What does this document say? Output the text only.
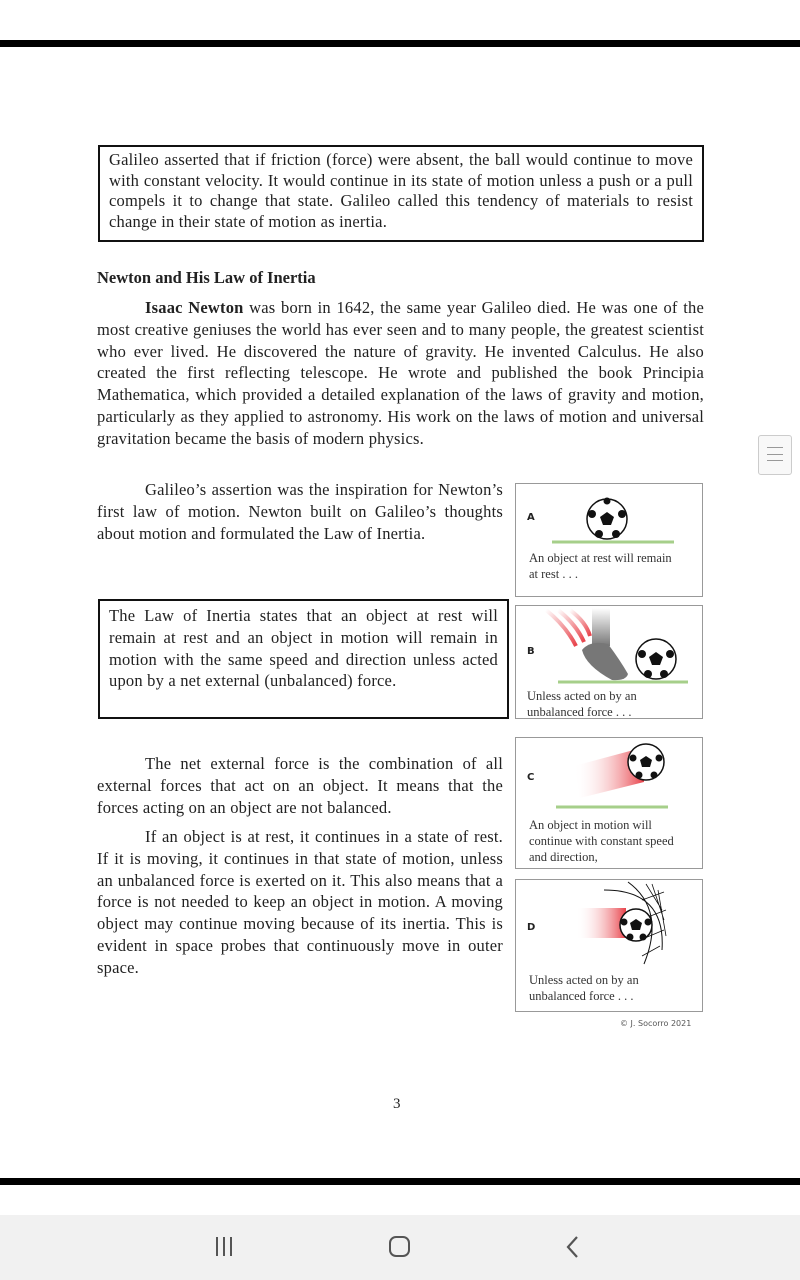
Galileo asserted that if friction (force) were absent, the ball would continue to move with constant velocity. It would continue in its state of motion unless a push or a pull compels it to change that state. Galileo called this tendency of materials to resist change in their state of motion as inertia.
Newton and His Law of Inertia
Isaac Newton was born in 1642, the same year Galileo died. He was one of the most creative geniuses the world has ever seen and to many people, the greatest scientist who ever lived. He discovered the nature of gravity. He invented Calculus. He also created the first reflecting telescope. He wrote and published the book Principia Mathematica, which provided a detailed explanation of the laws of gravity and motion, particularly as they applied to astronomy. His work on the laws of motion and universal gravitation became the basis of modern physics.
Galileo’s assertion was the inspiration for Newton’s first law of motion. Newton built on Galileo’s thoughts about motion and formulated the Law of Inertia.
The Law of Inertia states that an object at rest will remain at rest and an object in motion will remain in motion with the same speed and direction unless acted upon by a net external (unbalanced) force.
The net external force is the combination of all external forces that act on an object. It means that the forces acting on an object are not balanced.
If an object is at rest, it continues in a state of rest. If it is moving, it continues in that state of motion, unless an unbalanced force is exerted on it. This also means that a force is not needed to keep an object in motion. A moving object may continue moving because of its inertia. This is evident in space probes that continuously move in outer space.
A
An object at rest will remain at rest . . .
B
Unless acted on by an unbalanced force . . .
C
An object in motion will continue with constant speed and direction,
D
Unless acted on by an unbalanced force . . .
© J. Socorro 2021
3
